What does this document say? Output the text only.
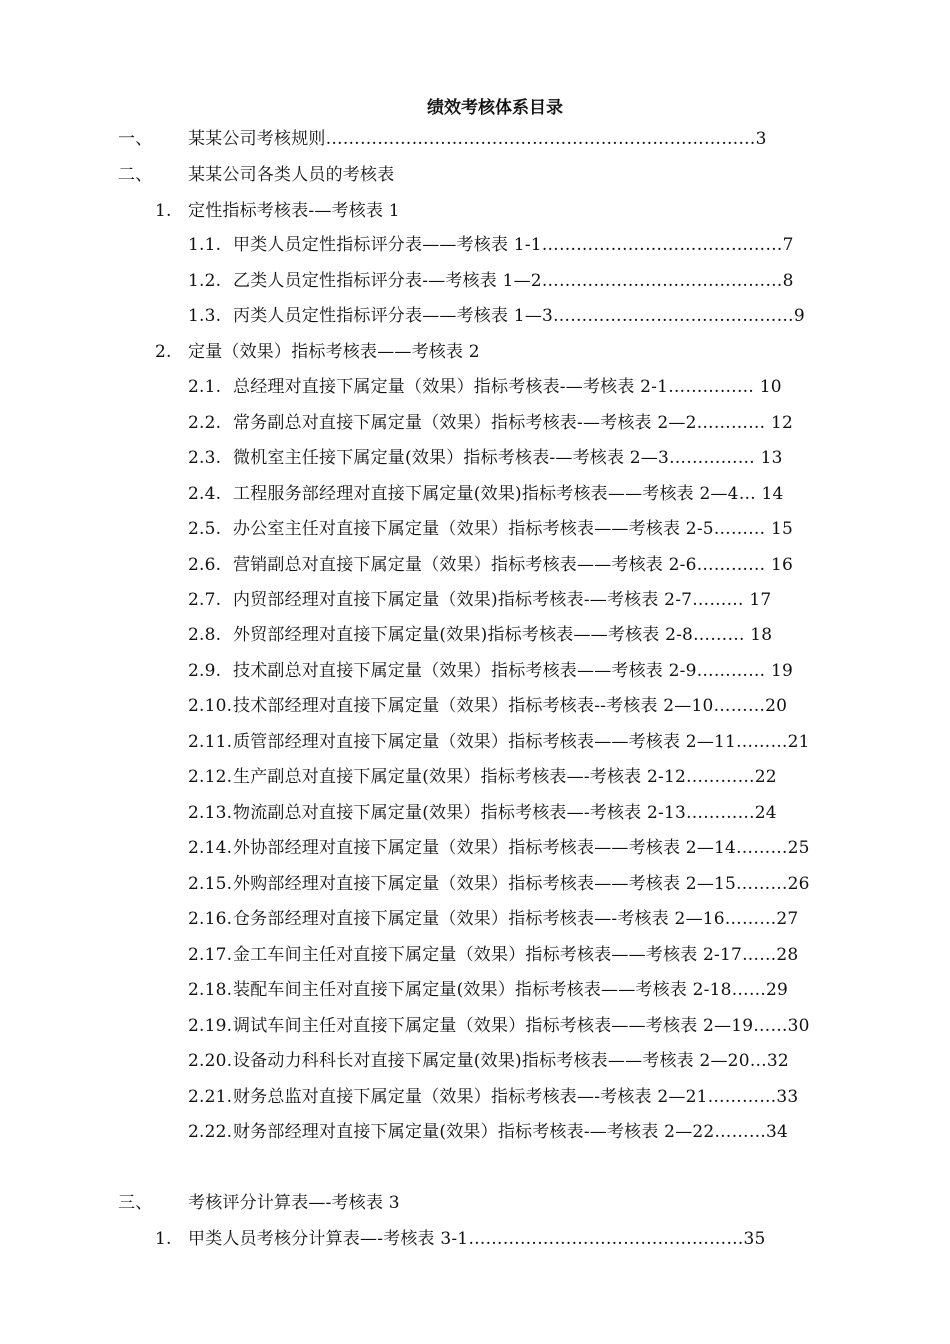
绩效考核体系目录
一、 某某公司考核规则…………………………………………………………………3
二、 某某公司各类人员的考核表
1. 定性指标考核表-—考核表 1
1.1. 甲类人员定性指标评分表——考核表 1-1……………………………………7
1.2. 乙类人员定性指标评分表-—考核表 1—2……………………………………8
1.3. 丙类人员定性指标评分表——考核表 1—3……………………………………9
2. 定量（效果）指标考核表——考核表 2
2.1. 总经理对直接下属定量（效果）指标考核表-—考核表 2-1…………… 10
2.2. 常务副总对直接下属定量（效果）指标考核表-—考核表 2—2………… 12
2.3. 微机室主任接下属定量(效果）指标考核表-—考核表 2—3…………… 13
2.4. 工程服务部经理对直接下属定量(效果)指标考核表——考核表 2—4… 14
2.5. 办公室主任对直接下属定量（效果）指标考核表——考核表 2-5……… 15
2.6. 营销副总对直接下属定量（效果）指标考核表——考核表 2-6………… 16
2.7. 内贸部经理对直接下属定量（效果)指标考核表-—考核表 2-7……… 17
2.8. 外贸部经理对直接下属定量(效果)指标考核表——考核表 2-8……… 18
2.9. 技术副总对直接下属定量（效果）指标考核表——考核表 2-9………… 19
2.10. 技术部经理对直接下属定量（效果）指标考核表--考核表 2—10………20
2.11. 质管部经理对直接下属定量（效果）指标考核表——考核表 2—11………21
2.12. 生产副总对直接下属定量(效果）指标考核表—-考核表 2-12…………22
2.13. 物流副总对直接下属定量(效果）指标考核表—-考核表 2-13…………24
2.14. 外协部经理对直接下属定量（效果）指标考核表——考核表 2—14………25
2.15. 外购部经理对直接下属定量（效果）指标考核表——考核表 2—15………26
2.16. 仓务部经理对直接下属定量（效果）指标考核表—-考核表 2—16………27
2.17. 金工车间主任对直接下属定量（效果）指标考核表——考核表 2-17……28
2.18. 装配车间主任对直接下属定量(效果）指标考核表——考核表 2-18……29
2.19. 调试车间主任对直接下属定量（效果）指标考核表——考核表 2—19……30
2.20. 设备动力科科长对直接下属定量(效果)指标考核表——考核表 2—20…32
2.21. 财务总监对直接下属定量（效果）指标考核表—-考核表 2—21…………33
2.22. 财务部经理对直接下属定量(效果）指标考核表-—考核表 2—22………34
三、 考核评分计算表—-考核表 3
1. 甲类人员考核分计算表—-考核表 3-1…………………………………………35
